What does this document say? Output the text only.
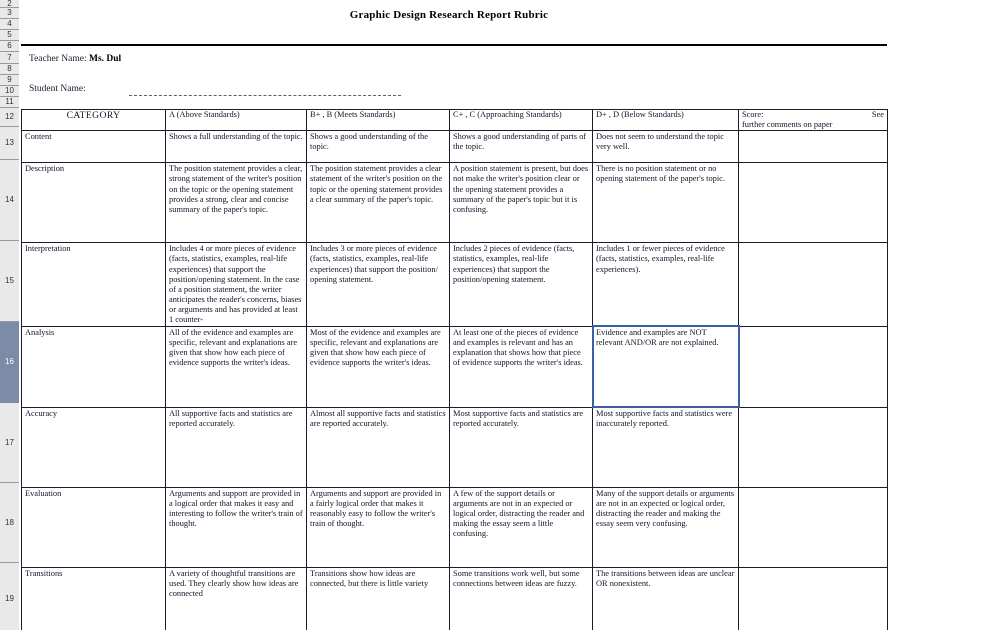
2
3
4
5
6
7
8
9
10
11
12
13
14
15
16
17
18
19
Graphic Design Research Report Rubric
Teacher Name: Ms. Dul
Student Name:
CATEGORY	A (Above Standards)	B+ , B (Meets Standards)	C+ , C (Approaching Standards)	D+ , D (Below Standards)	Score: See

further comments on paper
Content	Shows a full understanding of the topic.	Shows a good understanding of the topic.	Shows a good understanding of parts of the topic.	Does not seem to understand the topic very well.	
Description	The position statement provides a clear, strong statement of the writer's position on the topic or the opening statement provides a strong, clear and concise summary of the paper's topic.	The position statement provides a clear statement of the writer's position on the topic or the opening statement provides a clear summary of the paper's topic.	A position statement is present, but does not make the writer's position clear or the opening statement provides a summary of the paper's topic but it is confusing.	There is no position statement or no opening statement of the paper's topic.	
Interpretation	Includes 4 or more pieces of evidence (facts, statistics, examples, real-life experiences) that support the position/opening statement. In the case of a position statement, the writer anticipates the reader's concerns, biases or arguments and has provided at least 1 counter-	Includes 3 or more pieces of evidence (facts, statistics, examples, real-life experiences) that support the position/ opening statement.	Includes 2 pieces of evidence (facts, statistics, examples, real-life experiences) that support the position/opening statement.	Includes 1 or fewer pieces of evidence (facts, statistics, examples, real-life experiences).	
Analysis	All of the evidence and examples are specific, relevant and explanations are given that show how each piece of evidence supports the writer's ideas.	Most of the evidence and examples are specific, relevant and explanations are given that show how each piece of evidence supports the writer's ideas.	At least one of the pieces of evidence and examples is relevant and has an explanation that shows how that piece of evidence supports the writer's ideas.	Evidence and examples are NOT relevant AND/OR are not explained.	
Accuracy	All supportive facts and statistics are reported accurately.	Almost all supportive facts and statistics are reported accurately.	Most supportive facts and statistics are reported accurately.	Most supportive facts and statistics were inaccurately reported.	
Evaluation	Arguments and support are provided in a logical order that makes it easy and interesting to follow the writer's train of thought.	Arguments and support are provided in a fairly logical order that makes it reasonably easy to follow the writer's train of thought.	A few of the support details or arguments are not in an expected or logical order, distracting the reader and making the essay seem a little confusing.	Many of the support details or arguments are not in an expected or logical order, distracting the reader and making the essay seem very confusing.	
Transitions	A variety of thoughtful transitions are used. They clearly show how ideas are connected	Transitions show how ideas are connected, but there is little variety	Some transitions work well, but some connections between ideas are fuzzy.	The transitions between ideas are unclear OR nonexistent.	
